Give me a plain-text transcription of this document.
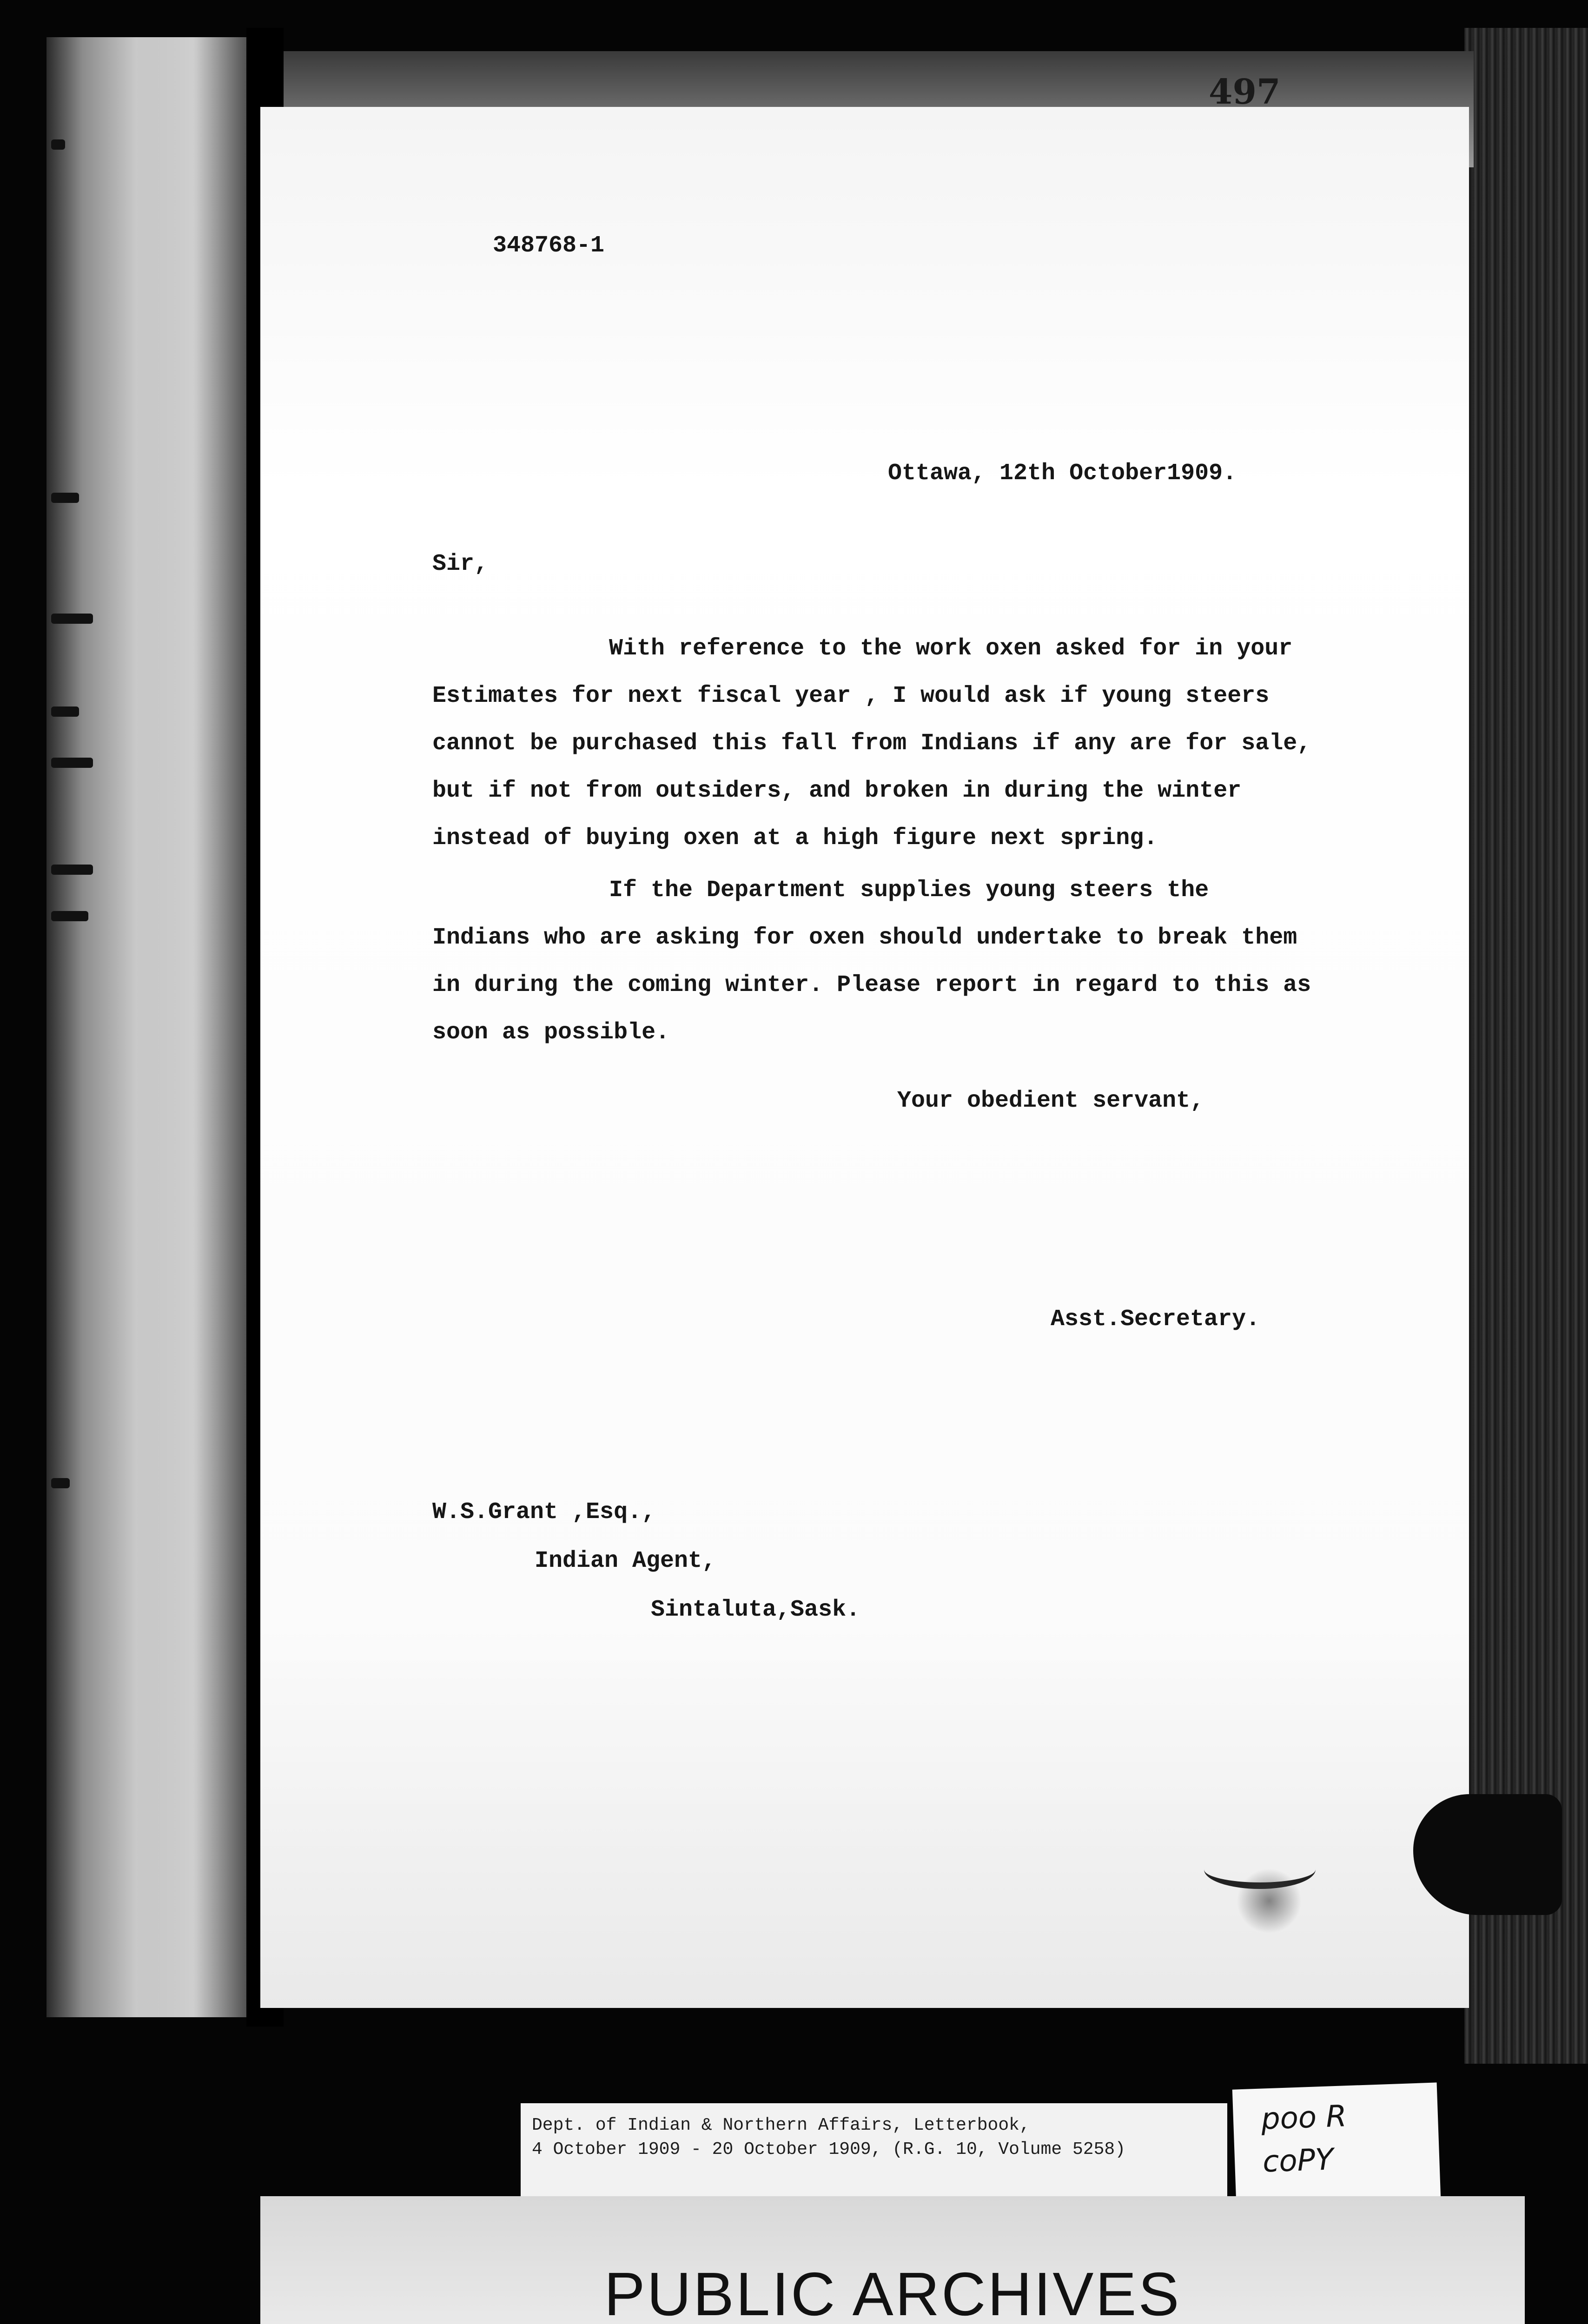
497
348768-1
Ottawa, 12th October1909.
Sir,
With reference to the work oxen asked for in your Estimates for next fiscal year , I would ask if young steers cannot be purchased this fall from Indians if any are for sale, but if not from outsiders, and broken in during the winter instead of buying oxen at a high figure next spring.
If the Department supplies young steers the Indians who are asking for oxen should undertake to break them in during the coming winter. Please report in regard to this as soon as possible.
Your obedient servant,
Asst.Secretary.
W.S.Grant ,Esq.,
Indian Agent,
Sintaluta,Sask.
Dept. of Indian & Northern Affairs, Letterbook,
4 October 1909 - 20 October 1909, (R.G. 10, Volume 5258)
poo R
coPY
PUBLIC ARCHIVES
